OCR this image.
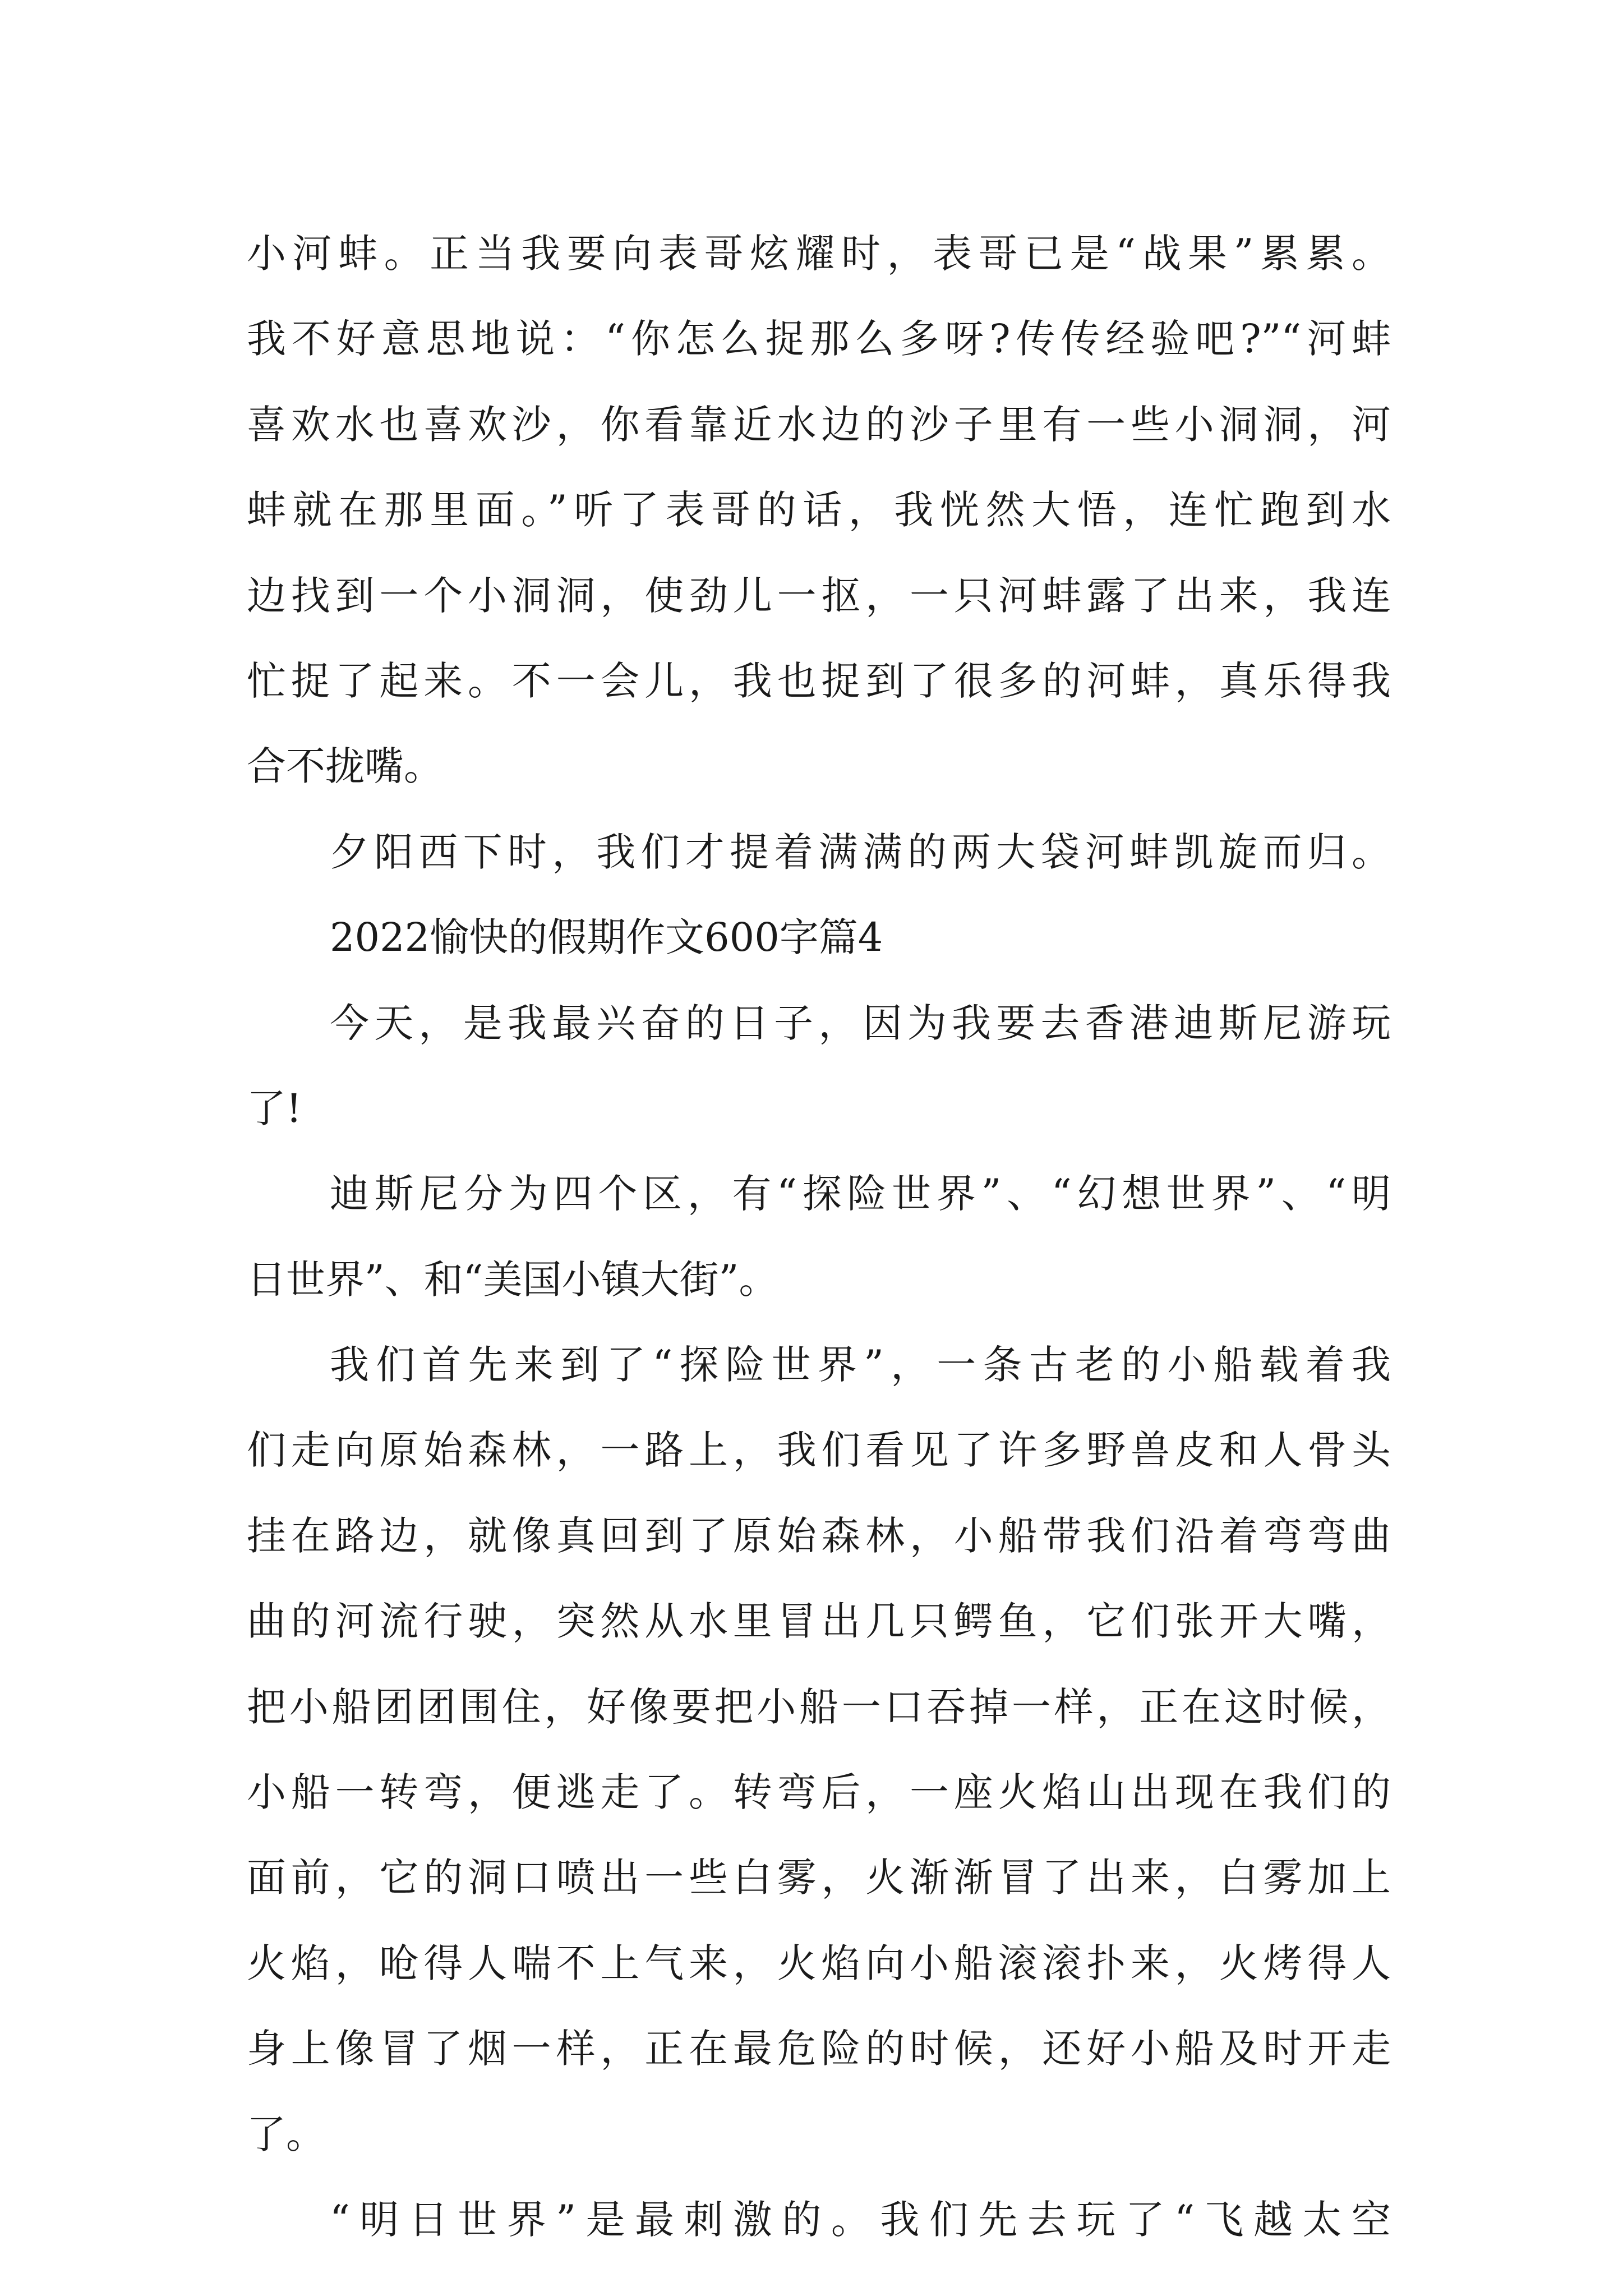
小河蚌。正当我要向表哥炫耀时，表哥已是“战果”累累。
我不好意思地说：“你怎么捉那么多呀?传传经验吧?”“河蚌
喜欢水也喜欢沙，你看靠近水边的沙子里有一些小洞洞，河
蚌就在那里面。”听了表哥的话，我恍然大悟，连忙跑到水
边找到一个小洞洞，使劲儿一抠，一只河蚌露了出来，我连
忙捉了起来。不一会儿，我也捉到了很多的河蚌，真乐得我
合不拢嘴。
夕阳西下时，我们才提着满满的两大袋河蚌凯旋而归。
2022愉快的假期作文600字篇4
今天，是我最兴奋的日子，因为我要去香港迪斯尼游玩
了!
迪斯尼分为四个区，有“探险世界”、“幻想世界”、“明
日世界”、和“美国小镇大街”。
我们首先来到了“探险世界”，一条古老的小船载着我
们走向原始森林，一路上，我们看见了许多野兽皮和人骨头
挂在路边，就像真回到了原始森林，小船带我们沿着弯弯曲
曲的河流行驶，突然从水里冒出几只鳄鱼，它们张开大嘴，
把小船团团围住，好像要把小船一口吞掉一样，正在这时候，
小船一转弯，便逃走了。转弯后，一座火焰山出现在我们的
面前，它的洞口喷出一些白雾，火渐渐冒了出来，白雾加上
火焰，呛得人喘不上气来，火焰向小船滚滚扑来，火烤得人
身上像冒了烟一样，正在最危险的时候，还好小船及时开走
了。
“明日世界”是最刺激的。我们先去玩了“飞越太空
